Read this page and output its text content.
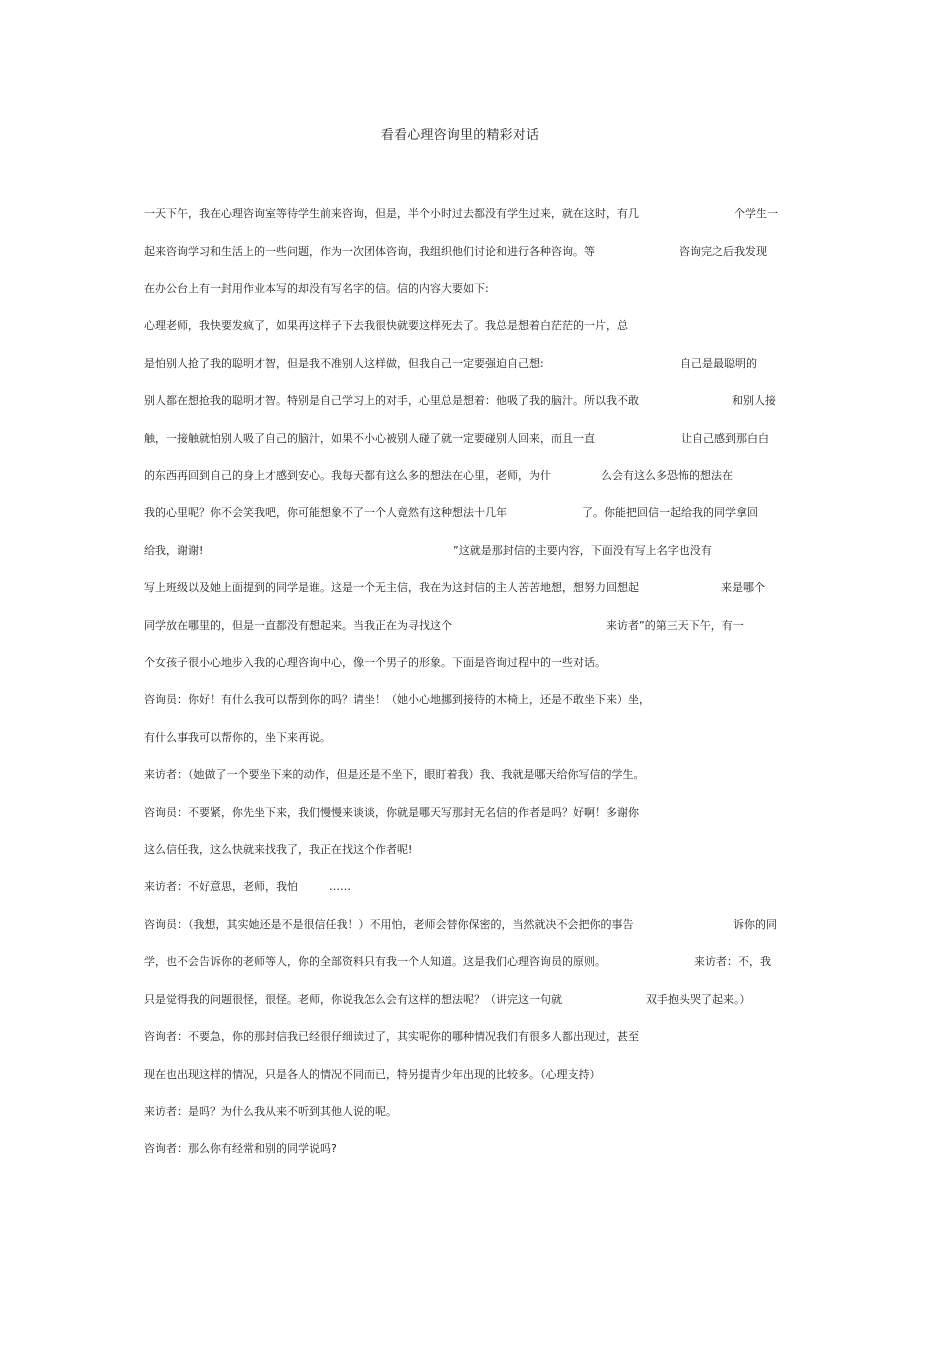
看看心理咨询里的精彩对话
一天下午，我在心理咨询室等待学生前来咨询，但是，半个小时过去都没有学生过来，就在这时，有几	个学生一
起来咨询学习和生活上的一些问题，作为一次团体咨询，我组织他们讨论和进行各种咨询。等	咨询完之后我发现
在办公台上有一封用作业本写的却没有写名字的信。信的内容大要如下:
心理老师，我快要发疯了，如果再这样子下去我很快就要这样死去了。我总是想着白茫茫的一片，总
是怕别人抢了我的聪明才智，但是我不准别人这样做，但我自己一定要强迫自己想:	自己是最聪明的
别人都在想抢我的聪明才智。特别是自己学习上的对手，心里总是想着：他吸了我的脑汁。所以我不敢	和别人接
触，一接触就怕别人吸了自己的脑汁，如果不小心被别人碰了就一定要碰别人回来，而且一直	让自己感到那白白
的东西再回到自己的身上才感到安心。我每天都有这么多的想法在心里，老师，为什	么会有这么多恐怖的想法在
我的心里呢？你不会笑我吧，你可能想象不了一个人竟然有这种想法十几年	了。你能把回信一起给我的同学拿回
给我，谢谢!	”这就是那封信的主要内容，下面没有写上名字也没有
写上班级以及她上面提到的同学是谁。这是一个无主信，我在为这封信的主人苦苦地想，想努力回想起	来是哪个
同学放在哪里的，但是一直都没有想起来。当我正在为寻找这个	来访者”的第三天下午，有一
个女孩子很小心地步入我的心理咨询中心，像一个男子的形象。下面是咨询过程中的一些对话。
咨询员：你好！有什么我可以帮到你的吗？请坐！（她小心地挪到接待的木椅上，还是不敢坐下来）坐，
有什么事我可以帮你的，坐下来再说。
来访者：（她做了一个要坐下来的动作，但是还是不坐下，眼盯着我）我、我就是哪天给你写信的学生。
咨询员：不要紧，你先坐下来，我们慢慢来谈谈，你就是哪天写那封无名信的作者是吗？好啊！多谢你
这么信任我，这么快就来找我了，我正在找这个作者呢!
来访者：不好意思，老师，我怕	……
咨询员：（我想，其实她还是不是很信任我！）不用怕，老师会替你保密的，当然就决不会把你的事告	诉你的同
学，也不会告诉你的老师等人，你的全部资料只有我一个人知道。这是我们心理咨询员的原则。	来访者：不，我
只是觉得我的问题很怪，很怪。老师，你说我怎么会有这样的想法呢？（讲完这一句就	双手抱头哭了起来。）
咨询者：不要急，你的那封信我已经很仔细读过了，其实呢你的哪种情况我们有很多人都出现过，甚至
现在也出现这样的情况，只是各人的情况不同而已，特另提青少年出现的比较多。（心理支持）
来访者：是吗？为什么我从来不听到其他人说的呢。
咨询者：那么你有经常和别的同学说吗?
